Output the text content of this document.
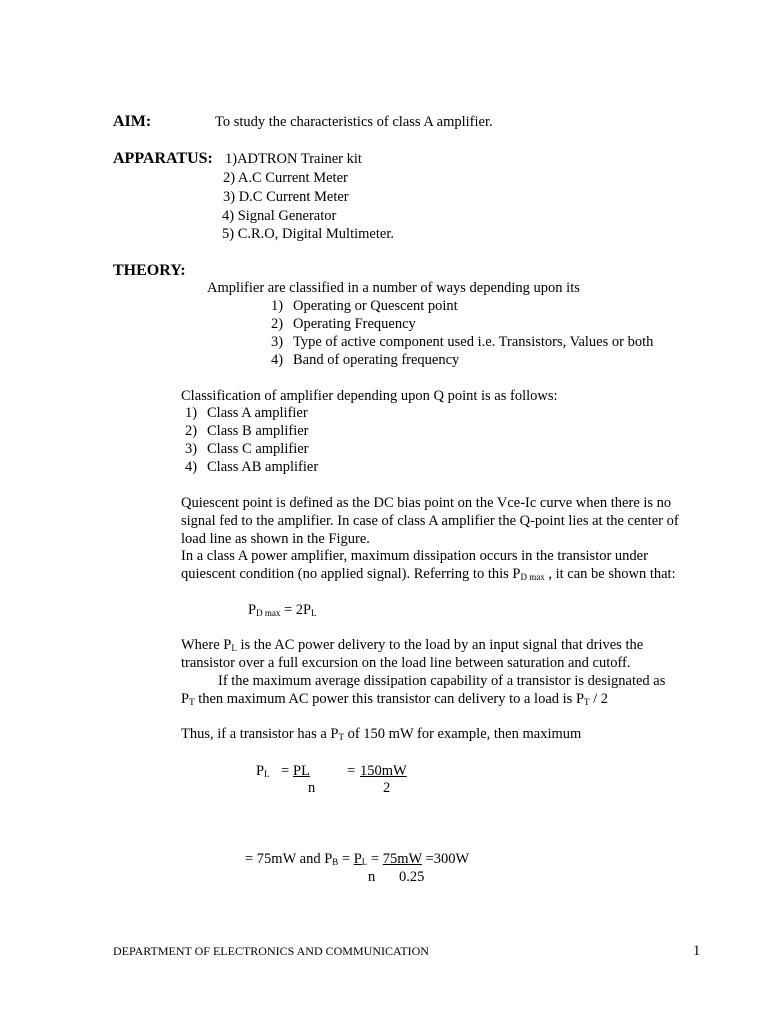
AIM:	To study the characteristics of class A amplifier.
APPARATUS: 1)ADTRON Trainer kit
2) A.C Current Meter
3) D.C Current Meter
4) Signal Generator
5) C.R.O, Digital Multimeter.
THEORY:
Amplifier are classified in a number of ways depending upon its
1) Operating or Quescent point
2) Operating Frequency
3) Type of active component used i.e. Transistors, Values or both
4) Band of operating frequency
Classification of amplifier depending upon Q point is as follows:
1) Class A amplifier
2) Class B amplifier
3) Class C amplifier
4) Class AB amplifier
Quiescent point is defined as the DC bias point on the Vce-Ic curve when there is no
signal fed to the amplifier. In case of class A amplifier the Q-point lies at the center of
load line as shown in the Figure.
In a class A power amplifier, maximum dissipation occurs in the transistor under
quiescent condition (no applied signal). Referring to this $P_{D max}$ , it can be shown that:
$P_{D max} = 2P_L$
Where $P_L$ is the AC power delivery to the load by an input signal that drives the
transistor over a full excursion on the load line between saturation and cutoff.
If the maximum average dissipation capability of a transistor is designated as
$P_T$ then maximum AC power this transistor can delivery to a load is $P_T / 2$
Thus, if a transistor has a $P_T$ of 150 mW for example, then maximum
$P_L$ = PL
n
= 150mW
2
= 75mW and $P_B = P_L = 75mW =300W$
n 0.25
DEPARTMENT OF ELECTRONICS AND COMMUNICATION	1
